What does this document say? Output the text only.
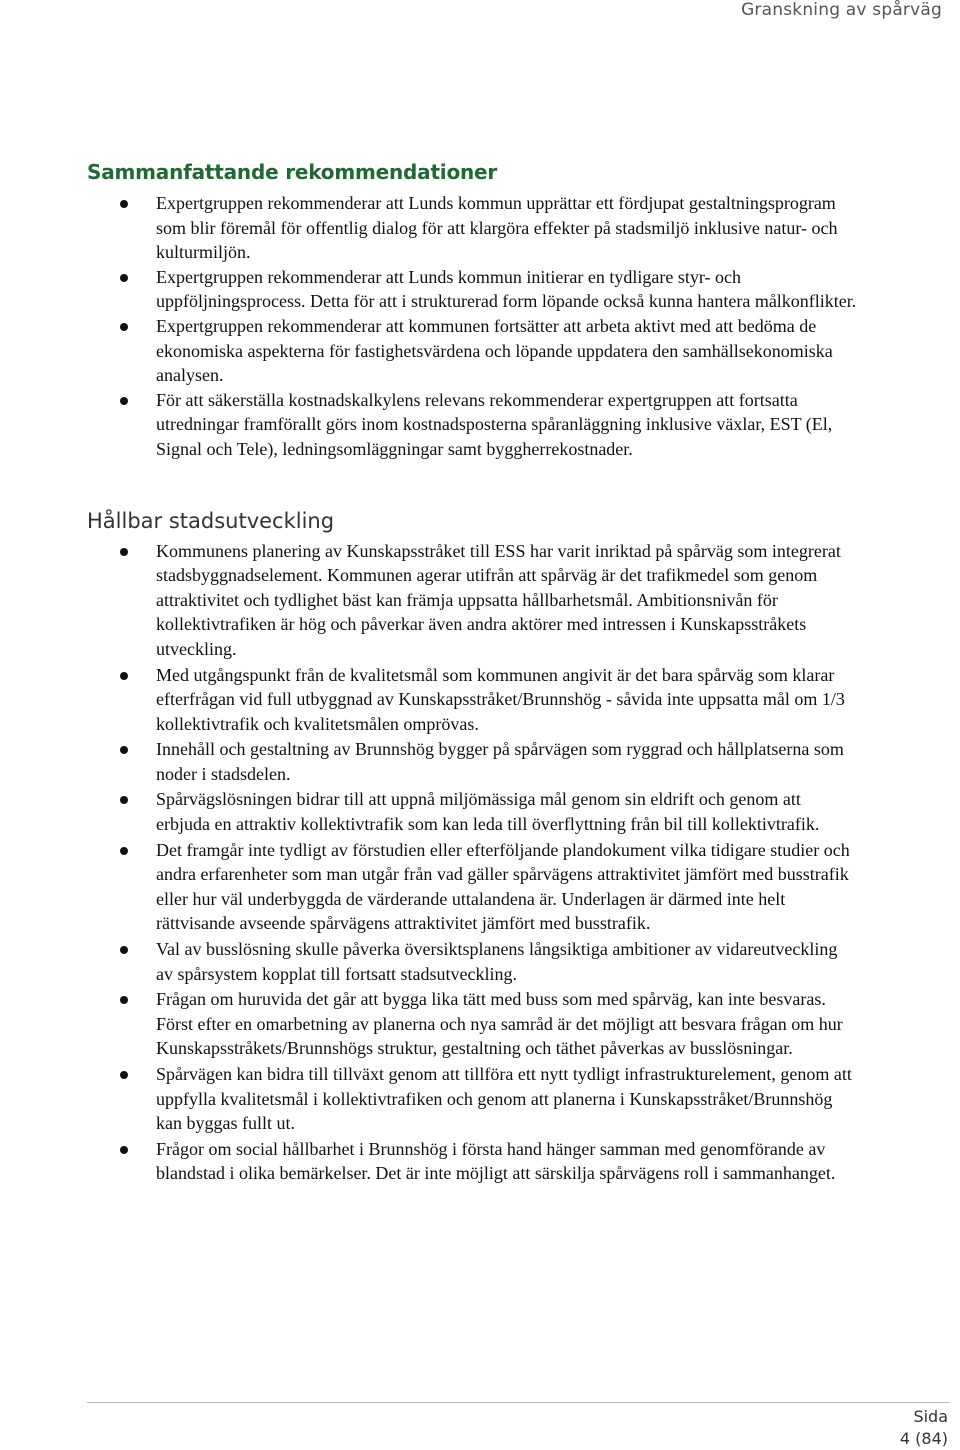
Granskning av spårväg
Sammanfattande rekommendationer
Expertgruppen rekommenderar att Lunds kommun upprättar ett fördjupat gestaltningsprogram som blir föremål för offentlig dialog för att klargöra effekter på stadsmiljö inklusive natur- och kulturmiljön.
Expertgruppen rekommenderar att Lunds kommun initierar en tydligare styr- och uppföljningsprocess. Detta för att i strukturerad form löpande också kunna hantera målkonflikter.
Expertgruppen rekommenderar att kommunen fortsätter att arbeta aktivt med att bedöma de ekonomiska aspekterna för fastighetsvärdena och löpande uppdatera den samhällsekonomiska analysen.
För att säkerställa kostnadskalkylens relevans rekommenderar expertgruppen att fortsatta utredningar framförallt görs inom kostnadsposterna spåranläggning inklusive växlar, EST (El, Signal och Tele), ledningsomläggningar samt byggherrekostnader.
Hållbar stadsutveckling
Kommunens planering av Kunskapsstråket till ESS har varit inriktad på spårväg som integrerat stadsbyggnadselement. Kommunen agerar utifrån att spårväg är det trafikmedel som genom attraktivitet och tydlighet bäst kan främja uppsatta hållbarhetsmål. Ambitionsnivån för kollektivtrafiken är hög och påverkar även andra aktörer med intressen i Kunskapsstråkets utveckling.
Med utgångspunkt från de kvalitetsmål som kommunen angivit är det bara spårväg som klarar efterfrågan vid full utbyggnad av Kunskapsstråket/Brunnshög - såvida inte uppsatta mål om 1/3 kollektivtrafik och kvalitetsmålen omprövas.
Innehåll och gestaltning av Brunnshög bygger på spårvägen som ryggrad och hållplatserna som noder i stadsdelen.
Spårvägslösningen bidrar till att uppnå miljömässiga mål genom sin eldrift och genom att erbjuda en attraktiv kollektivtrafik som kan leda till överflyttning från bil till kollektivtrafik.
Det framgår inte tydligt av förstudien eller efterföljande plandokument vilka tidigare studier och andra erfarenheter som man utgår från vad gäller spårvägens attraktivitet jämfört med busstrafik eller hur väl underbyggda de värderande uttalandena är. Underlagen är därmed inte helt rättvisande avseende spårvägens attraktivitet jämfört med busstrafik.
Val av busslösning skulle påverka översiktsplanens långsiktiga ambitioner av vidareutveckling av spårsystem kopplat till fortsatt stadsutveckling.
Frågan om huruvida det går att bygga lika tätt med buss som med spårväg, kan inte besvaras. Först efter en omarbetning av planerna och nya samråd är det möjligt att besvara frågan om hur Kunskapsstråkets/Brunnshögs struktur, gestaltning och täthet påverkas av busslösningar.
Spårvägen kan bidra till tillväxt genom att tillföra ett nytt tydligt infrastrukturelement, genom att uppfylla kvalitetsmål i kollektivtrafiken och genom att planerna i Kunskapsstråket/Brunnshög kan byggas fullt ut.
Frågor om social hållbarhet i Brunnshög i första hand hänger samman med genomförande av blandstad i olika bemärkelser. Det är inte möjligt att särskilja spårvägens roll i sammanhanget.
Sida
4 (84)
